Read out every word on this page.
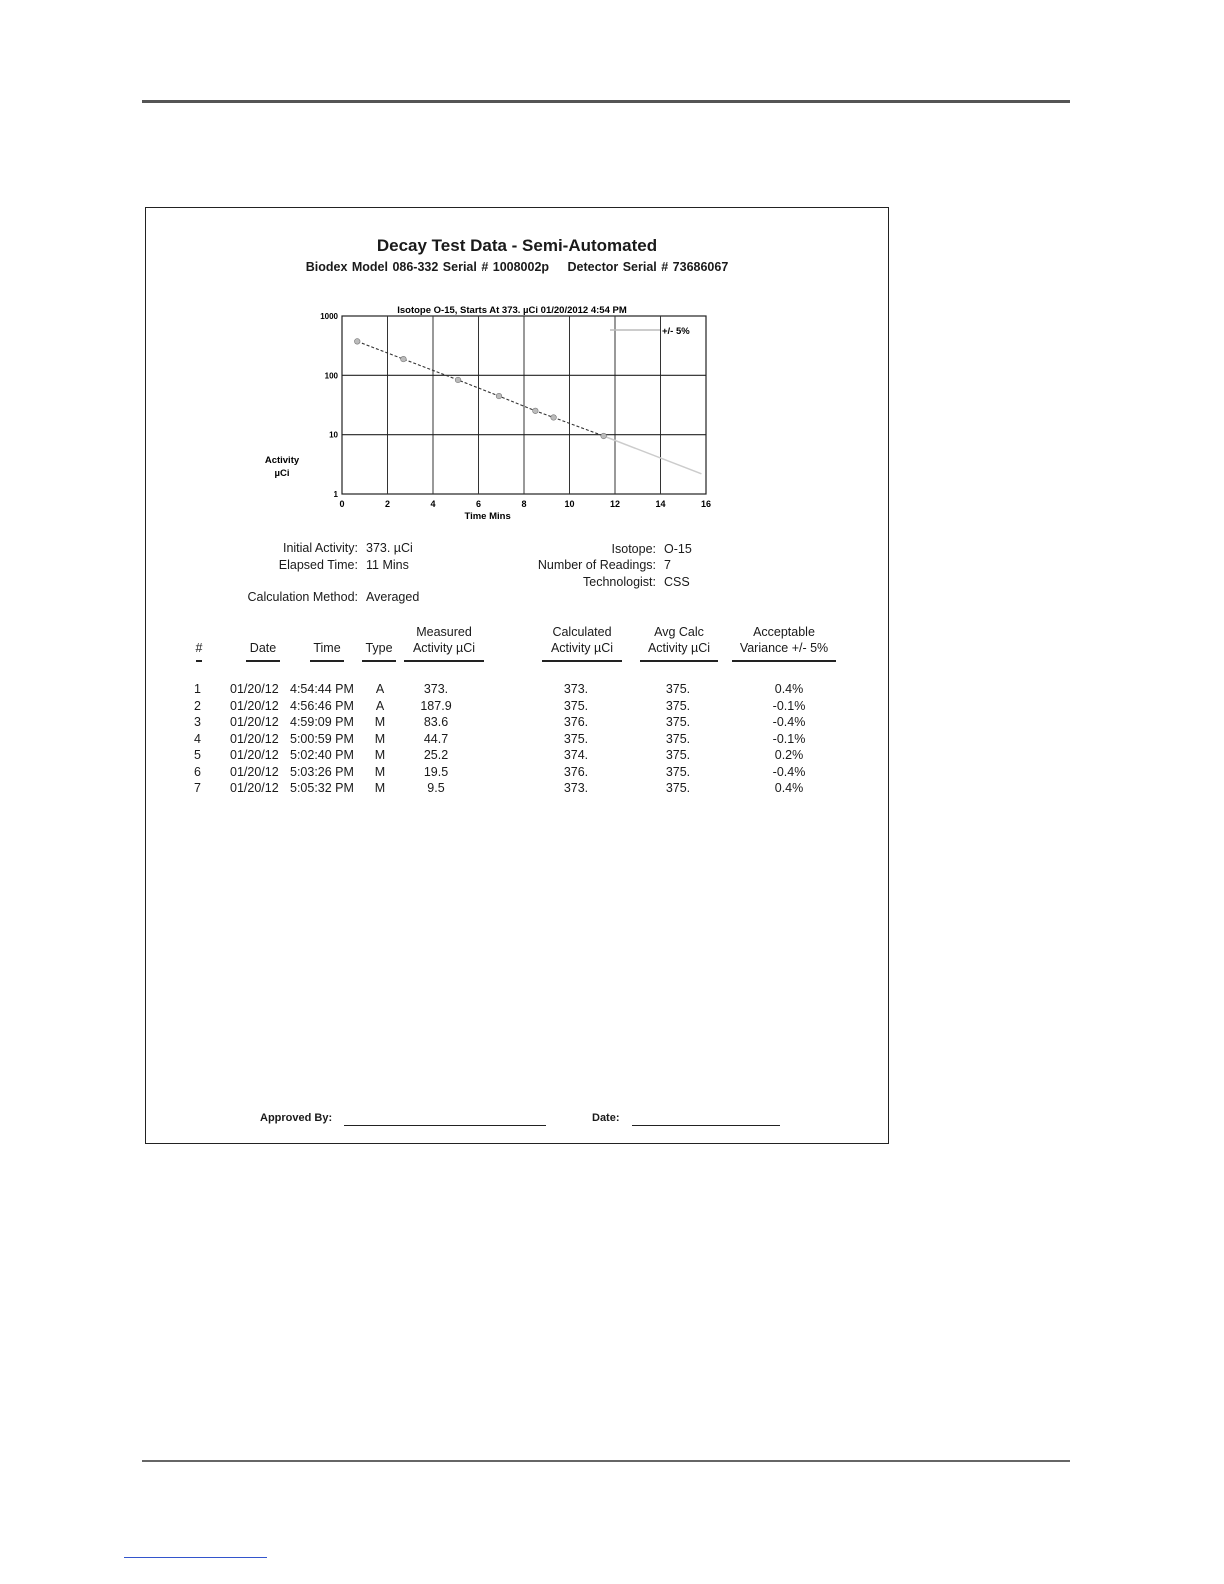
Decay Test Data - Semi-Automated
Biodex Model 086-332 Serial # 1008002p Detector Serial # 73686067
0	2	4	6	8	10	12	14	16
1
10
100
1000
Isotope O-15, Starts At 373. µCi 01/20/2012 4:54 PM
Time Mins
Activity
µCi
+/- 5%
Initial Activity: 373. µCi
Elapsed Time: 11 Mins
Calculation Method: Averaged
Isotope: O-15
Number of Readings: 7
Technologist: CSS
#	Date	Time Type
Measured
Activity µCi
Calculated
Activity µCi
Avg Calc
Activity µCi
Acceptable
Variance +/- 5%
1 01/20/12 4:54:44 PM A	373.	373.	375.	0.4%
2 01/20/12 4:56:46 PM A	187.9	375.	375.	-0.1%
3 01/20/12 4:59:09 PM M	83.6	376.	375.	-0.4%
4 01/20/12 5:00:59 PM M	44.7	375.	375.	-0.1%
5 01/20/12 5:02:40 PM M	25.2	374.	375.	0.2%
6 01/20/12 5:03:26 PM M	19.5	376.	375.	-0.4%
7 01/20/12 5:05:32 PM M	9.5	373.	375.	0.4%
Approved By:	Date:
